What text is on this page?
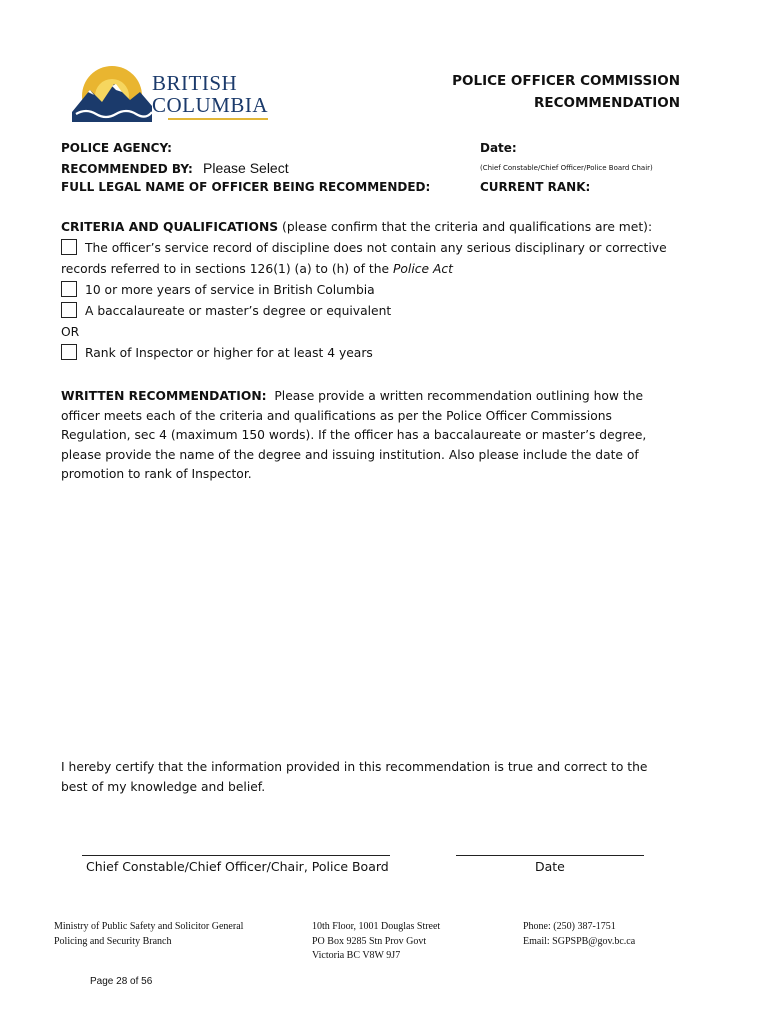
BRITISH
COLUMBIA
POLICE OFFICER COMMISSION
RECOMMENDATION
POLICE AGENCY:
RECOMMENDED BY: Please Select
FULL LEGAL NAME OF OFFICER BEING RECOMMENDED:
Date:
(Chief Constable/Chief Officer/Police Board Chair)
CURRENT RANK:
CRITERIA AND QUALIFICATIONS (please confirm that the criteria and qualifications are met):
The officer’s service record of discipline does not contain any serious disciplinary or corrective
records referred to in sections 126(1) (a) to (h) of the Police Act
10 or more years of service in British Columbia
A baccalaureate or master’s degree or equivalent
OR
Rank of Inspector or higher for at least 4 years
WRITTEN RECOMMENDATION:  Please provide a written recommendation outlining how the
officer meets each of the criteria and qualifications as per the Police Officer Commissions
Regulation, sec 4 (maximum 150 words). If the officer has a baccalaureate or master’s degree,
please provide the name of the degree and issuing institution. Also please include the date of
promotion to rank of Inspector.
I hereby certify that the information provided in this recommendation is true and correct to the
best of my knowledge and belief.
Chief Constable/Chief Officer/Chair, Police Board	Date
Ministry of Public Safety and Solicitor General
Policing and Security Branch
10th Floor, 1001 Douglas Street
PO Box 9285 Stn Prov Govt
Victoria BC V8W 9J7
Phone: (250) 387-1751
Email: SGPSPB@gov.bc.ca
Page 28 of 56
